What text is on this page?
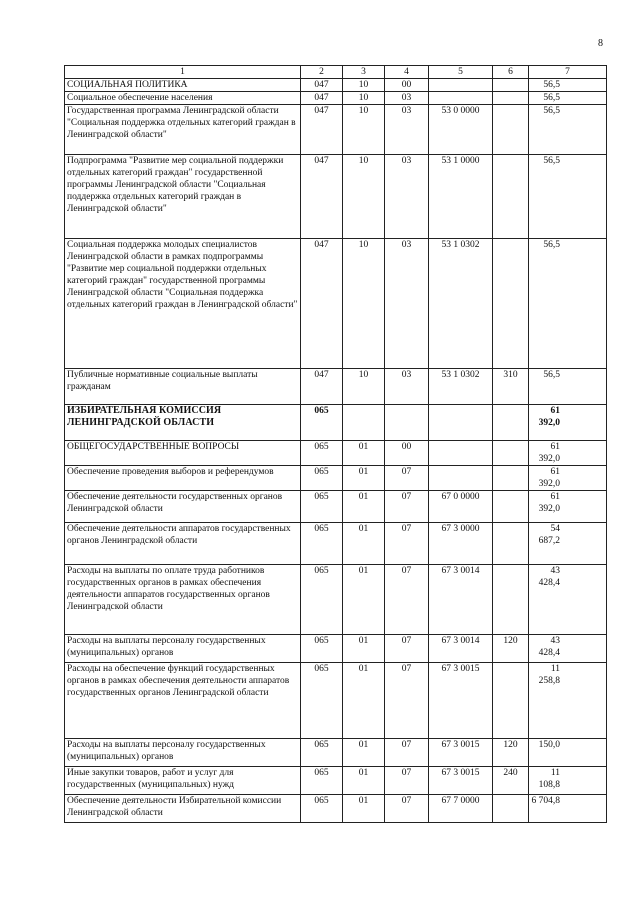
8
1	2	3	4	5	6	7
СОЦИАЛЬНАЯ ПОЛИТИКА	047	10	00			56,5
Социальное обеспечение населения	047	10	03			56,5
Государственная программа Ленинградской области "Социальная поддержка отдельных категорий граждан в Ленинградской области"	047	10	03	53 0 0000		56,5
Подпрограмма "Развитие мер социальной поддержки отдельных категорий граждан" государственной программы Ленинградской области "Социальная поддержка отдельных категорий граждан в Ленинградской области"	047	10	03	53 1 0000		56,5
Социальная поддержка молодых специалистов Ленинградской области в рамках подпрограммы "Развитие мер социальной поддержки отдельных категорий граждан" государственной программы Ленинградской области "Социальная поддержка отдельных категорий граждан в Ленинградской области"	047	10	03	53 1 0302		56,5
Публичные нормативные социальные выплаты гражданам	047	10	03	53 1 0302	310	56,5
ИЗБИРАТЕЛЬНАЯ КОМИССИЯ ЛЕНИНГРАДСКОЙ ОБЛАСТИ	065					61 392,0
ОБЩЕГОСУДАРСТВЕННЫЕ ВОПРОСЫ	065	01	00			61 392,0
Обеспечение проведения выборов и референдумов	065	01	07			61 392,0
Обеспечение деятельности государственных органов Ленинградской области	065	01	07	67 0 0000		61 392,0
Обеспечение деятельности аппаратов государственных органов Ленинградской области	065	01	07	67 3 0000		54 687,2
Расходы на выплаты по оплате труда работников государственных органов в рамках обеспечения деятельности аппаратов государственных органов Ленинградской области	065	01	07	67 3 0014		43 428,4
Расходы на выплаты персоналу государственных (муниципальных) органов	065	01	07	67 3 0014	120	43 428,4
Расходы на обеспечение функций государственных органов в рамках обеспечения деятельности аппаратов государственных органов Ленинградской области	065	01	07	67 3 0015		11 258,8
Расходы на выплаты персоналу государственных (муниципальных) органов	065	01	07	67 3 0015	120	150,0
Иные закупки товаров, работ и услуг для государственных (муниципальных) нужд	065	01	07	67 3 0015	240	11 108,8
Обеспечение деятельности Избирательной комиссии Ленинградской области	065	01	07	67 7 0000		6 704,8
